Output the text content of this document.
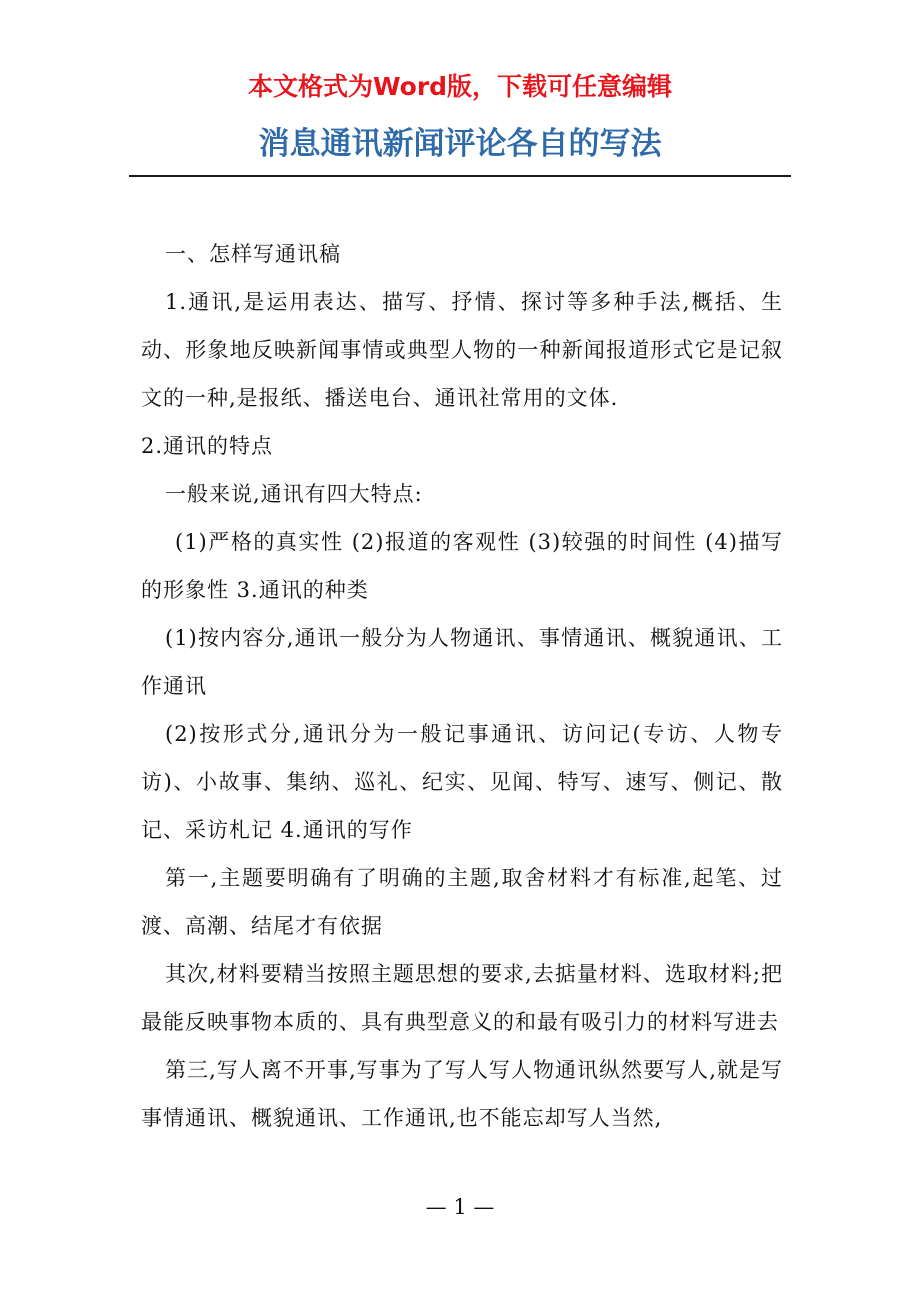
本文格式为Word版，下载可任意编辑

消息通讯新闻评论各自的写法

一、怎样写通讯稿

1.通讯,是运用表达、描写、抒情、探讨等多种手法,概括、生动、形象地反映新闻事情或典型人物的一种新闻报道形式它是记叙文的一种,是报纸、播送电台、通讯社常用的文体.

2.通讯的特点

一般来说,通讯有四大特点:

(1)严格的真实性 (2)报道的客观性 (3)较强的时间性 (4)描写的形象性 3.通讯的种类

(1)按内容分,通讯一般分为人物通讯、事情通讯、概貌通讯、工作通讯

(2)按形式分,通讯分为一般记事通讯、访问记(专访、人物专访)、小故事、集纳、巡礼、纪实、见闻、特写、速写、侧记、散记、采访札记 4.通讯的写作

第一,主题要明确有了明确的主题,取舍材料才有标准,起笔、过渡、高潮、结尾才有依据

其次,材料要精当按照主题思想的要求,去掂量材料、选取材料;把最能反映事物本质的、具有典型意义的和最有吸引力的材料写进去

第三,写人离不开事,写事为了写人写人物通讯纵然要写人,就是写事情通讯、概貌通讯、工作通讯,也不能忘却写人当然,

— 1 —
